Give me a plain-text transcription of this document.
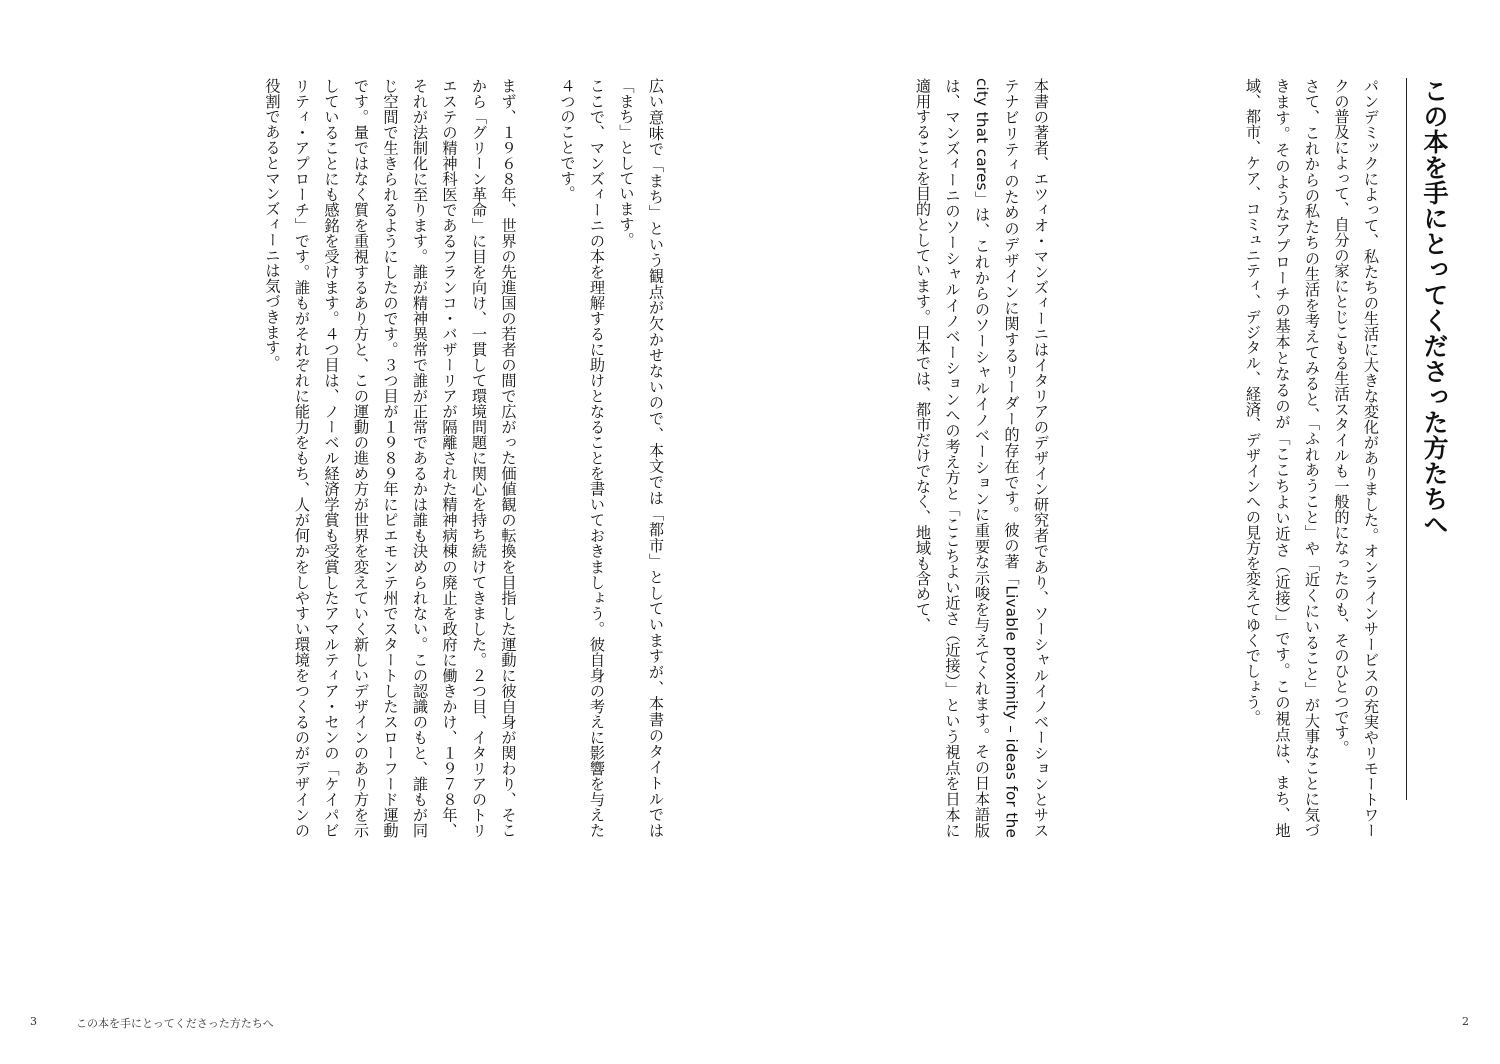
この本を手にとってくださった方たちへ

パンデミックによって、私たちの生活に大きな変化がありました。オンラインサービスの充実やリモートワークの普及によって、自分の家にとじこもる生活スタイルも一般的になったのも、そのひとつです。

さて、これからの私たちの生活を考えてみると、「ふれあうこと」や「近くにいること」が大事なことに気づきます。そのようなアプローチの基本となるのが「ここちよい近さ（近接）」です。この視点は、まち、地域、都市、ケア、コミュニティ、デジタル、経済、デザインへの見方を変えてゆくでしょう。

本書の著者、エツィオ・マンズィーニはイタリアのデザイン研究者であり、ソーシャルイノベーションとサステナビリティのためのデザインに関するリーダー的存在です。彼の著「Livable proximity – ideas for the city that cares」は、これからのソーシャルイノベーションに重要な示唆を与えてくれます。その日本語版は、マンズィーニのソーシャルイノベーションへの考え方と「ここちよい近さ（近接）」という視点を日本に適用することを目的としています。日本では、都市だけでなく、地域も含めて、

広い意味で「まち」という観点が欠かせないので、本文では「都市」としていますが、本書のタイトルでは「まち」としています。

ここで、マンズィーニの本を理解するに助けとなることを書いておきましょう。彼自身の考えに影響を与えた４つのことです。

まず、１９６８年、世界の先進国の若者の間で広がった価値観の転換を目指した運動に彼自身が関わり、そこから「グリーン革命」に目を向け、一貫して環境問題に関心を持ち続けてきました。２つ目、イタリアのトリエステの精神科医であるフランコ・バザーリアが隔離された精神病棟の廃止を政府に働きかけ、１９７８年、それが法制化に至ります。誰が精神異常で誰が正常であるかは誰も決められない。この認識のもと、誰もが同じ空間で生きられるようにしたのです。３つ目が１９８９年にピエモンテ州でスタートしたスローフード運動です。量ではなく質を重視するあり方と、この運動の進め方が世界を変えていく新しいデザインのあり方を示していることにも感銘を受けます。４つ目は、ノーベル経済学賞も受賞したアマルティア・センの「ケイパビリティ・アプローチ」です。誰もがそれぞれに能力をもち、人が何かをしやすい環境をつくるのがデザインの役割であるとマンズィーニは気づきます。

3	この本を手にとってくださった方たちへ	2
